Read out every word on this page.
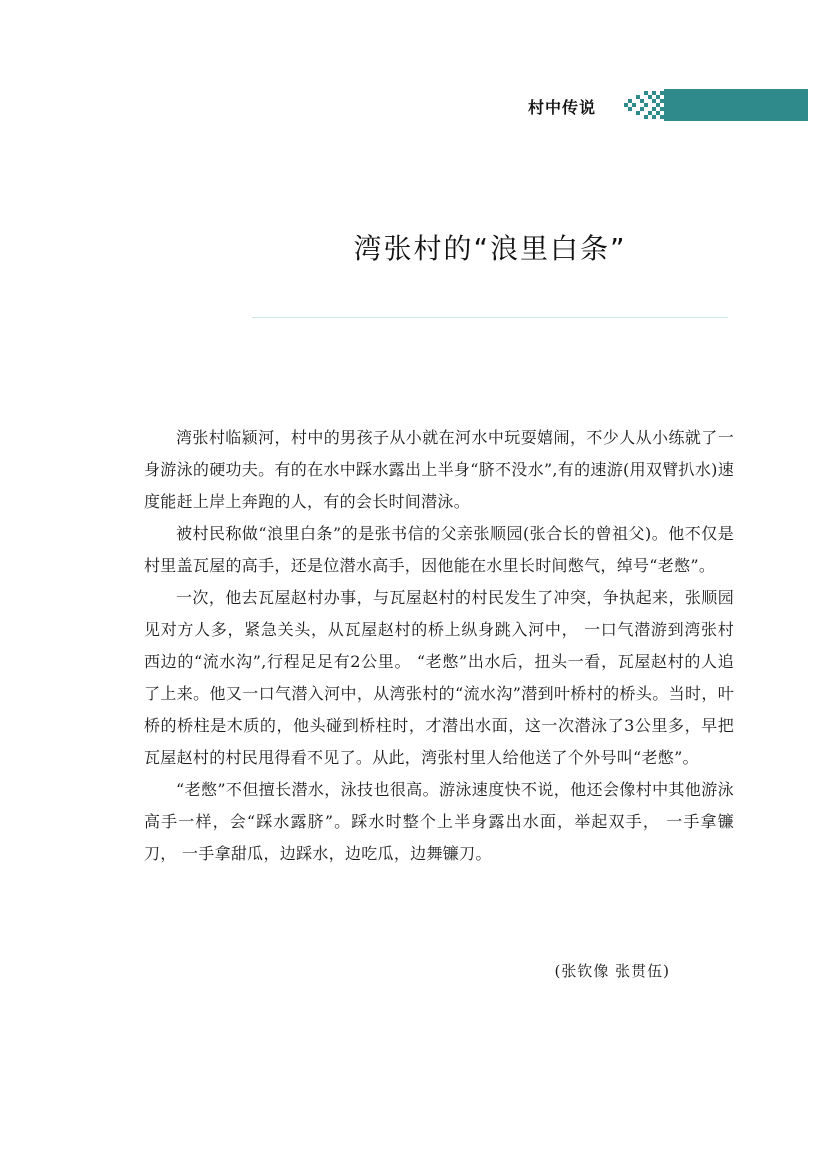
村中传说
湾张村的“浪里白条”

湾张村临颍河，村中的男孩子从小就在河水中玩耍嬉闹，不少人从小练就了一身游泳的硬功夫。有的在水中踩水露出上半身“脐不没水”,有的速游(用双臂扒水)速度能赶上岸上奔跑的人，有的会长时间潜泳。

被村民称做“浪里白条”的是张书信的父亲张顺园(张合长的曾祖父)。他不仅是村里盖瓦屋的高手，还是位潜水高手，因他能在水里长时间憋气，绰号“老憋”。

一次，他去瓦屋赵村办事，与瓦屋赵村的村民发生了冲突，争执起来，张顺园见对方人多，紧急关头，从瓦屋赵村的桥上纵身跳入河中， 一口气潜游到湾张村西边的“流水沟”,行程足足有2公里。 “老憋”出水后，扭头一看，瓦屋赵村的人追了上来。他又一口气潜入河中，从湾张村的“流水沟”潜到叶桥村的桥头。当时，叶桥的桥柱是木质的，他头碰到桥柱时，才潜出水面，这一次潜泳了3公里多，早把瓦屋赵村的村民甩得看不见了。从此，湾张村里人给他送了个外号叫“老憋”。

“老憋”不但擅长潜水，泳技也很高。游泳速度快不说，他还会像村中其他游泳高手一样，会“踩水露脐”。踩水时整个上半身露出水面，举起双手， 一手拿镰刀， 一手拿甜瓜，边踩水，边吃瓜，边舞镰刀。

(张钦像 张贯伍)
